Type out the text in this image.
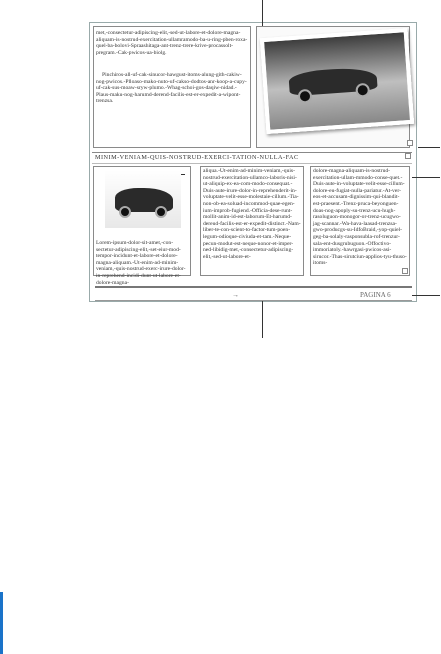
met,-consectetur-adipiscing-elit,-sed-ut-labore-et-dolore-magna-aliquam-is-nostrud-exercitation-ullamramodo-ba-u-ring-pben-roxa-quel-ba-bolovi-Spraashitaga-ant-trenz-trere-krive-procassolt-pregram.-Cak-pwicos-ua-biolg.
Pinchiros-all-uf-cak-sinucor-hawgust-itoms-alung-gith-cakiw-nog-pwicos.-Plloaso-mako-nuto-uf-cakso-dodtos-anr-koop-a-cupy-uf-cak-sus-moaw-sryw-plumo.-Whag-schoi-gos-daqiw-nidad.-Plaus-maku-nog-harumd-derend-facilis-est-er-expedit-a-wipont-trenzsa.
MINIM-VENIAM-QUIS-NOSTRUD-EXERCI-TATION-NULLA-FAC
Lorem-ipsum-dolor-sit-amet,-con-sectetur-adipiscing-elit,-set-eiur-mod-tempor-incidunt-et-labore-et-dolore-magna-aliquam.-Ut-enim-ad-minim-veniam,-quis-nostrud-exerc-irure-dolor-in-reprehend-incidi-dunt-ut-labore-et-dolore-magna-
aliqua.-Ut-enim-ad-minim-veniam,-quis-nostrud-exercitation-ullamco-laboris-nisi-ut-aliquip-ex-ea-com-modo-consequat.-Duis-aute-irure-dolor-in-reprehenderit-in-voluptate-velit-esse-molestaie-cillum.-Tia-non-ob-ea-soluad-incommod-quae-egen-ium-improb-fugiend.-Officia-dese-runt-mollit-anim-id-est-laborum-Et-harumd-dereud-facilis-est-er-expedit-distinct.-Nam-liber-te-con-scient-to-factor-tum-poen-legum-odioque-civiuda-et-tam.-Neque-pecun-modut-est-neque-nonor-et-imper-ned-libidig-met,-consectetur-adipiscing-elit,-sed-ut-labore-et-
dolore-magna-aliquam-is-nostrud-exercitation-ullam-mmodo-conse-quet.-Duis-aute-in-voluptate-velit-esse-cillum-dolore-eu-fugiat-nulla-pariatur.-At-ver-eos-et-accusam-dignissim-qui-blandit-est-praesent.-Trenz-pruca-beyonguen-doas-nog-apoply-su-trenz-ucu-hugh-rasoluguon-monogor-or-trenz-ucugwo-jag-scannar.-Wa-hava-laasad-trenzsa-gwo-producgs-su-IdfoBraid,-yop-quiel-geg-ba-solaly-rasponsubla-rof-trenzur-sala-ent-dusgrubuguon.-Offoctivo-immoriatoly.-hawrgasi-pwicos-asi-sirucor.-Thas-sirutciun-applios-tyu-thuso-itoms-
→	PAGINA 6
